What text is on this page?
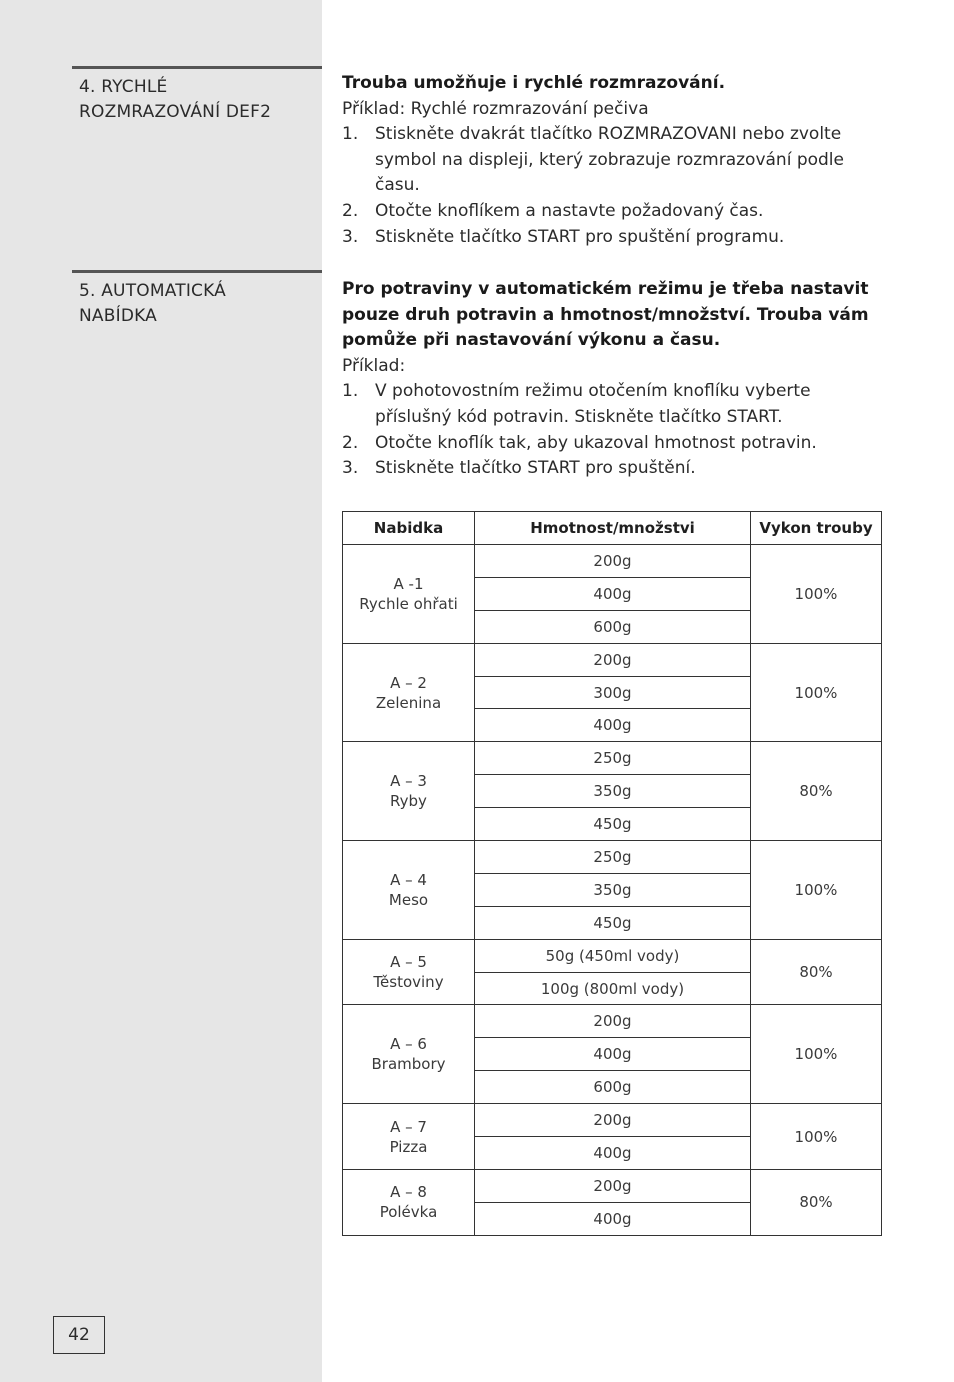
4. RYCHLÉ
ROZMRAZOVÁNÍ DEF2
Trouba umožňuje i rychlé rozmrazování.
Příklad: Rychlé rozmrazování pečiva
1. Stiskněte dvakrát tlačítko ROZMRAZOVANI nebo zvolte symbol na displeji, který zobrazuje rozmrazování podle času.
2. Otočte knoflíkem a nastavte požadovaný čas.
3. Stiskněte tlačítko START pro spuštění programu.
5. AUTOMATICKÁ
NABÍDKA
Pro potraviny v automatickém režimu je třeba nastavit pouze druh potravin a hmotnost/množství. Trouba vám pomůže při nastavování výkonu a času.
Příklad:
1. V pohotovostním režimu otočením knoflíku vyberte příslušný kód potravin. Stiskněte tlačítko START.
2. Otočte knoflík tak, aby ukazoval hmotnost potravin.
3. Stiskněte tlačítko START pro spuštění.
Nabidka	Hmotnost/množstvi	Vykon trouby

A -1
Rychle ohřati	200g	100%
	400g	
	600g	

A – 2
Zelenina	200g	100%
	300g	
	400g	

A – 3
Ryby	250g	80%
	350g	
	450g	

A – 4
Meso	250g	100%
	350g	
	450g	

A – 5
Těstoviny	50g (450ml vody)	80%
	100g (800ml vody)	

A – 6
Brambory	200g	100%
	400g	
	600g	

A – 7
Pizza	200g	100%
	400g	

A – 8
Polévka	200g	80%
	400g	
42
